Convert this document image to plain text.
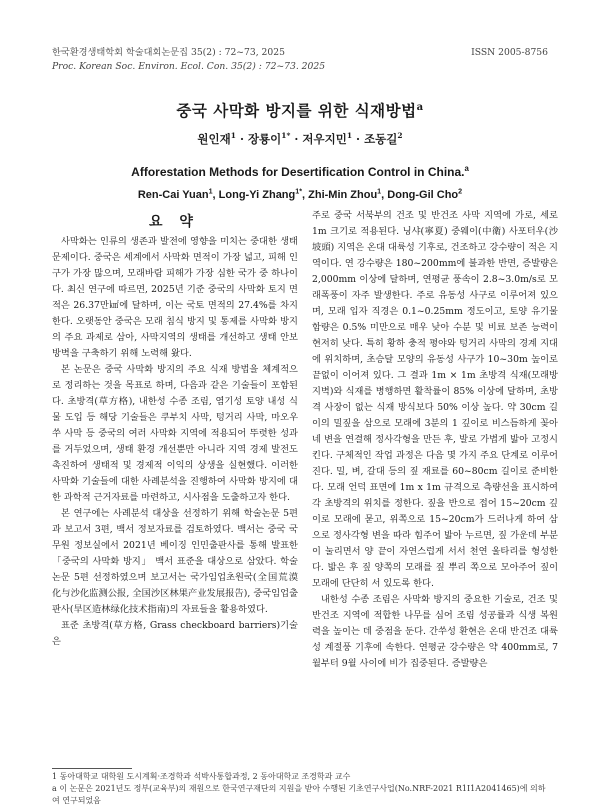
한국환경생태학회 학술대회논문집 35(2) : 72~73, 2025
Proc. Korean Soc. Environ. Ecol. Con. 35(2) : 72~73. 2025
ISSN 2005-8756
중국 사막화 방지를 위한 식재방법$^a$
원인재$^1$ · 장룡이$^{1*}$ · 저우지민$^1$ · 조동길$^2$
Afforestation Methods for Desertification Control in China.$^a$
Ren-Cai Yuan$^1$, Long-Yi Zhang$^{1*}$, Zhi-Min Zhou$^1$, Dong-Gil Cho$^2$
요 약

사막화는 인류의 생존과 발전에 영향을 미치는 중대한 생태 문제이다. 중국은 세계에서 사막화 면적이 가장 넓고, 피해 인구가 가장 많으며, 모래바람 피해가 가장 심한 국가 중 하나이다. 최신 연구에 따르면, 2025년 기준 중국의 사막화 토지 면적은 26.37만㎢에 달하며, 이는 국토 면적의 27.4%를 차지한다. 오랫동안 중국은 모래 침식 방지 및 통제를 사막화 방지의 주요 과제로 삼아, 사막지역의 생태를 개선하고 생태 안보 방벽을 구축하기 위해 노력해 왔다.

본 논문은 중국 사막화 방지의 주요 식재 방법을 체계적으로 정리하는 것을 목표로 하며, 다음과 같은 기술들이 포함된다. 초방격(草方格), 내한성 수종 조림, 염기성 토양 내성 식물 도입 등 해당 기술들은 쿠부치 사막, 텅거리 사막, 마오우쑤 사막 등 중국의 여러 사막화 지역에 적용되어 뚜렷한 성과를 거두었으며, 생태 환경 개선뿐만 아니라 지역 경제 발전도 촉진하여 생태적 및 경제적 이익의 상생을 실현했다. 이러한 사막화 기술들에 대한 사례분석을 진행하여 사막화 방지에 대한 과학적 근거자료를 마련하고, 시사점을 도출하고자 한다.

본 연구에는 사례분석 대상을 선정하기 위해 학술논문 5편과 보고서 3편, 백서 정보자료를 검토하였다. 백서는 중국 국무원 정보실에서 2021년 베이징 인민출판사를 통해 발표한 「중국의 사막화 방지」 백서 표준을 대상으로 삼았다. 학술 논문 5편 선정하였으며 보고서는 국가임업초원국(全国荒漠化与沙化监测公报, 全国沙区林果产业发展报告), 중국임업출판사(旱区造林绿化技术指南)의 자료들을 활용하였다.

표준 초방격(草方格, Grass checkboard barriers)기술은

주로 중국 서북부의 건조 및 반건조 사막 지역에 가로, 세로 1m 크기로 적용된다. 닝샤(寧夏) 중웨이(中衛) 사포터우(沙坡頭) 지역은 온대 대륙성 기후로, 건조하고 강수량이 적은 지역이다. 연 강수량은 180~200mm에 불과한 반면, 증발량은 2,000mm 이상에 달하며, 연평균 풍속이 2.8~3.0m/s로 모래폭풍이 자주 발생한다. 주로 유동성 사구로 이루어져 있으며, 모래 입자 직경은 0.1~0.25mm 정도이고, 토양 유기물 함량은 0.5% 미만으로 매우 낮아 수분 및 비료 보존 능력이 현저히 낮다. 특히 황하 충적 평야와 텅거리 사막의 경계 지대에 위치하며, 초승달 모양의 유동성 사구가 10~30m 높이로 끝없이 이어져 있다. 그 결과 1m × 1m 초방격 식재(모래방지벽)와 식재를 병행하면 활착률이 85% 이상에 달하며, 초방격 사장이 없는 식재 방식보다 50% 이상 높다. 약 30cm 길이의 밀짚을 삼으로 모래에 3분의 1 깊이로 비스듬하게 꽂아 네 변을 연결해 정사각형을 만든 후, 발로 가볍게 밟아 고정시킨다. 구체적인 작업 과정은 다음 몇 가지 주요 단계로 이루어진다. 밀, 벼, 갈대 등의 짚 재료를 60~80cm 길이로 준비한다. 모래 언덕 표면에 1m x 1m 규격으로 측량선을 표시하여 각 초방격의 위치를 정한다. 짚을 반으로 접어 15~20cm 깊이로 모래에 묻고, 위쪽으로 15~20cm가 드러나게 하여 삼으로 정사각형 변을 따라 힘주어 밟아 누르면, 짚 가운데 부분이 눌리면서 양 끝이 자연스럽게 서서 천연 울타리를 형성한다. 밟은 후 짚 양쪽의 모래를 짚 뿌리 쪽으로 모아주어 짚이 모래에 단단히 서 있도록 한다.

내한성 수종 조림은 사막화 방지의 중요한 기술로, 건조 및 반건조 지역에 적합한 나무를 심어 조림 성공률과 식생 복원력을 높이는 데 중점을 둔다. 간쑤성 환현은 온대 반건조 대륙성 계절풍 기후에 속한다. 연평균 강수량은 약 400mm로, 7월부터 9월 사이에 비가 집중된다. 증발량은

1 동아대학교 대학원 도시계획·조경학과 석박사통합과정, 2 동아대학교 조경학과 교수
a 이 논문은 2021년도 정부(교육부)의 재원으로 한국연구재단의 지원을 받아 수행된 기초연구사업(No.NRF-2021 R1I1A2041465)에 의하여 연구되었음
